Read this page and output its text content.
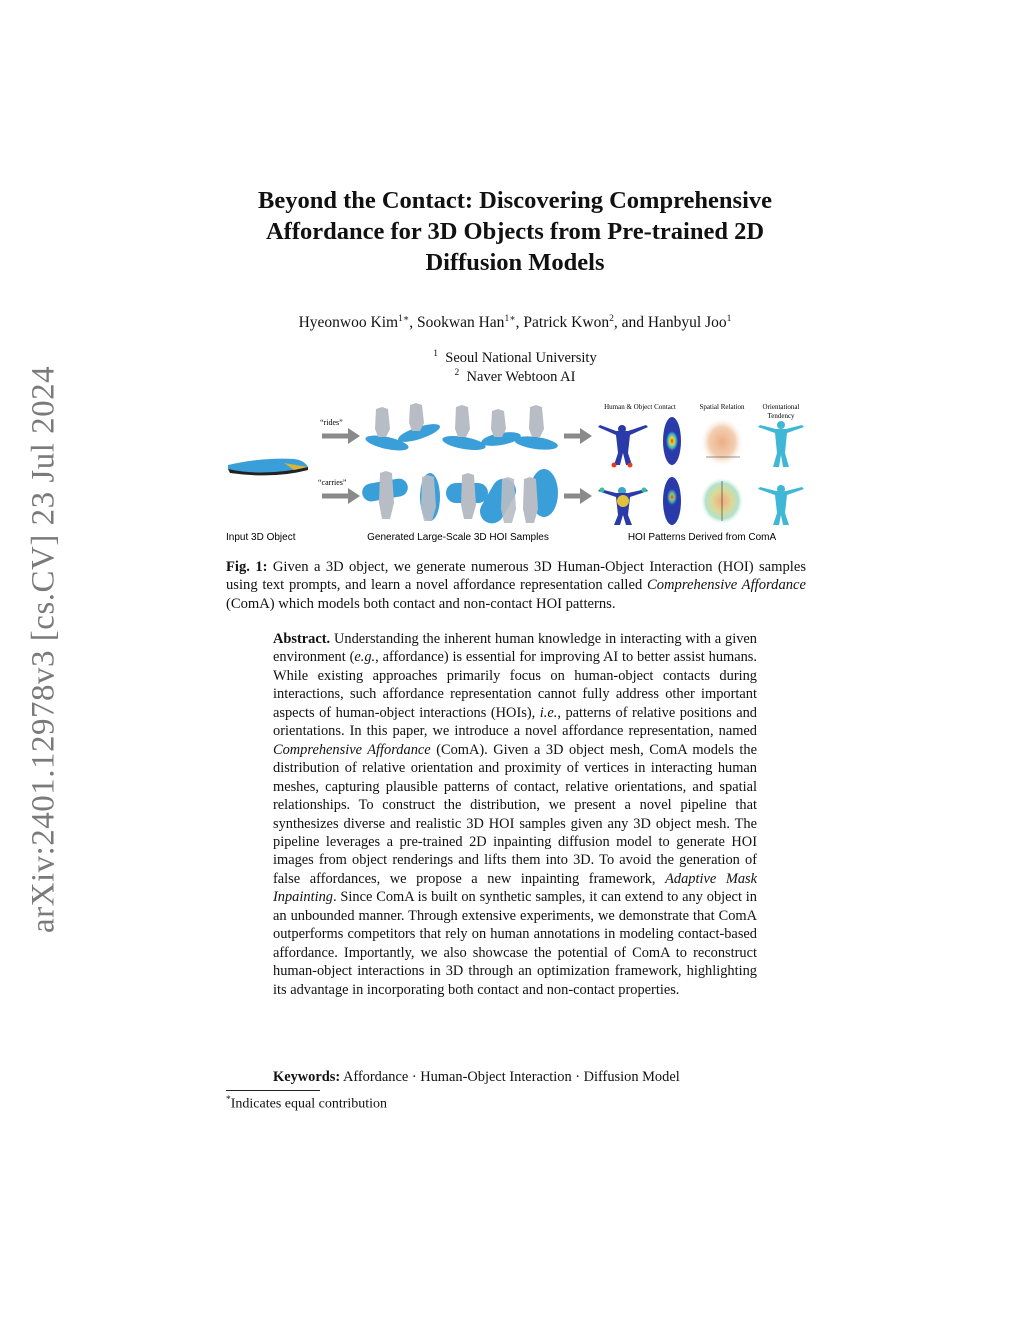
arXiv:2401.12978v3 [cs.CV] 23 Jul 2024
Beyond the Contact: Discovering Comprehensive
Affordance for 3D Objects from Pre-trained 2D
Diffusion Models
Hyeonwoo Kim$^{1∗}$, Sookwan Han$^{1∗}$, Patrick Kwon$^2$, and Hanbyul Joo$^1$
$^1$ Seoul National University
$^2$ Naver Webtoon AI
“rides”
“carries”
Human & Object Contact	Spatial Relation	Orientational
Tendency
Input 3D Object	Generated Large-Scale 3D HOI Samples	HOI Patterns Derived from ComA

Fig. 1: Given a 3D object, we generate numerous 3D Human-Object Interaction (HOI) samples using text prompts, and learn a novel affordance representation called Comprehensive Affordance (ComA) which models both contact and non-contact HOI patterns.

Abstract. Understanding the inherent human knowledge in interacting with a given environment (e.g., affordance) is essential for improving AI to better assist humans. While existing approaches primarily focus on human-object contacts during interactions, such affordance representation cannot fully address other important aspects of human-object interactions (HOIs), i.e., patterns of relative positions and orientations. In this paper, we introduce a novel affordance representation, named Comprehensive Affordance (ComA). Given a 3D object mesh, ComA models the distribution of relative orientation and proximity of vertices in interacting human meshes, capturing plausible patterns of contact, relative orientations, and spatial relationships. To construct the distribution, we present a novel pipeline that synthesizes diverse and realistic 3D HOI samples given any 3D object mesh. The pipeline leverages a pre-trained 2D inpainting diffusion model to generate HOI images from object renderings and lifts them into 3D. To avoid the generation of false affordances, we propose a new inpainting framework, Adaptive Mask Inpainting. Since ComA is built on synthetic samples, it can extend to any object in an unbounded manner. Through extensive experiments, we demonstrate that ComA outperforms competitors that rely on human annotations in modeling contact-based affordance. Importantly, we also showcase the potential of ComA to reconstruct human-object interactions in 3D through an optimization framework, highlighting its advantage in incorporating both contact and non-contact properties.

Keywords: Affordance · Human-Object Interaction · Diffusion Model
*Indicates equal contribution
